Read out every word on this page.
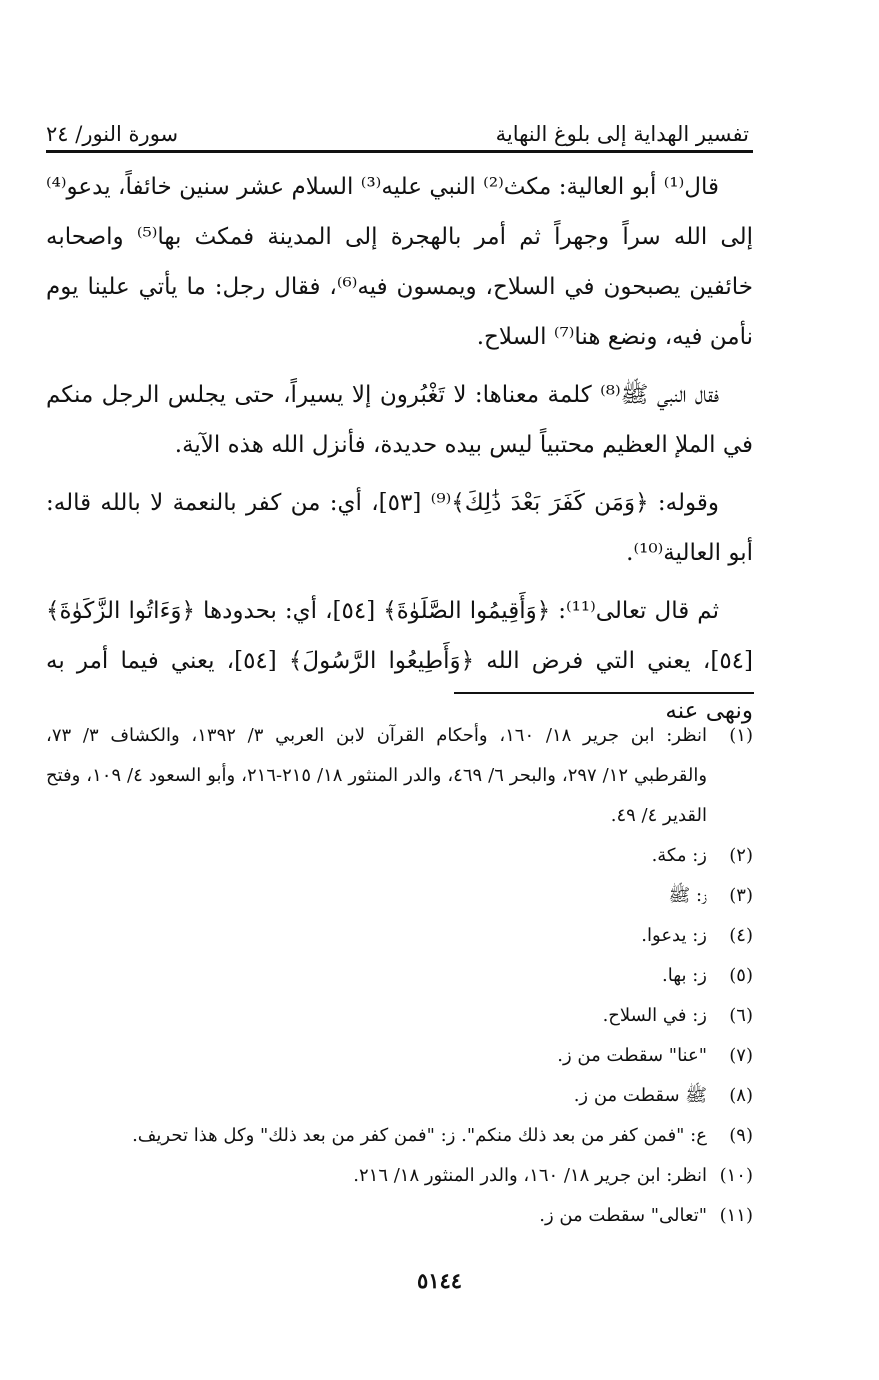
تفسير الهداية إلى بلوغ النهاية
سورة النور/ ٢٤

قال⁽¹⁾ أبو العالية: مكث⁽²⁾ النبي عليه⁽³⁾ السلام عشر سنين خائفاً، يدعو⁽⁴⁾ إلى الله سراً وجهراً ثم أمر بالهجرة إلى المدينة فمكث بها⁽⁵⁾ واصحابه خائفين يصبحون في السلاح، ويمسون فيه⁽⁶⁾، فقال رجل: ما يأتي علينا يوم نأمن فيه، ونضع هنا⁽⁷⁾ السلاح.

فقال النبي ﷺ⁽⁸⁾ كلمة معناها: لا تَغْبُرون إلا يسيراً، حتى يجلس الرجل منكم في الملإ العظيم محتبياً ليس بيده حديدة، فأنزل الله هذه الآية.

وقوله: ﴿وَمَن كَفَرَ بَعْدَ ذَٰلِكَ﴾⁽⁹⁾ [٥٣]، أي: من كفر بالنعمة لا بالله قاله: أبو العالية⁽¹⁰⁾.

ثم قال تعالى⁽¹¹⁾: ﴿وَأَقِيمُوا الصَّلَوٰةَ﴾ [٥٤]، أي: بحدودها ﴿وَءَاتُوا الزَّكَوٰةَ﴾ [٥٤]، يعني التي فرض الله ﴿وَأَطِيعُوا الرَّسُولَ﴾ [٥٤]، يعني فيما أمر به ونهى عنه

(١)
انظر: ابن جرير ١٨/ ١٦٠، وأحكام القرآن لابن العربي ٣/ ١٣٩٢، والكشاف ٣/ ٧٣، والقرطبي ١٢/ ٢٩٧، والبحر ٦/ ٤٦٩، والدر المنثور ١٨/ ٢١٥-٢١٦، وأبو السعود ٤/ ١٠٩، وفتح القدير ٤/ ٤٩.
(٢)
ز: مكة.
(٣)
ز: ﷺ
(٤)
ز: يدعوا.
(٥)
ز: بها.
(٦)
ز: في السلاح.
(٧)
"عنا" سقطت من ز.
(٨)
ﷺ سقطت من ز.
(٩)
ع: "فمن كفر من بعد ذلك منكم". ز: "فمن كفر من بعد ذلك" وكل هذا تحريف.
(١٠)
انظر: ابن جرير ١٨/ ١٦٠، والدر المنثور ١٨/ ٢١٦.
(١١)
"تعالى" سقطت من ز.
٥١٤٤
